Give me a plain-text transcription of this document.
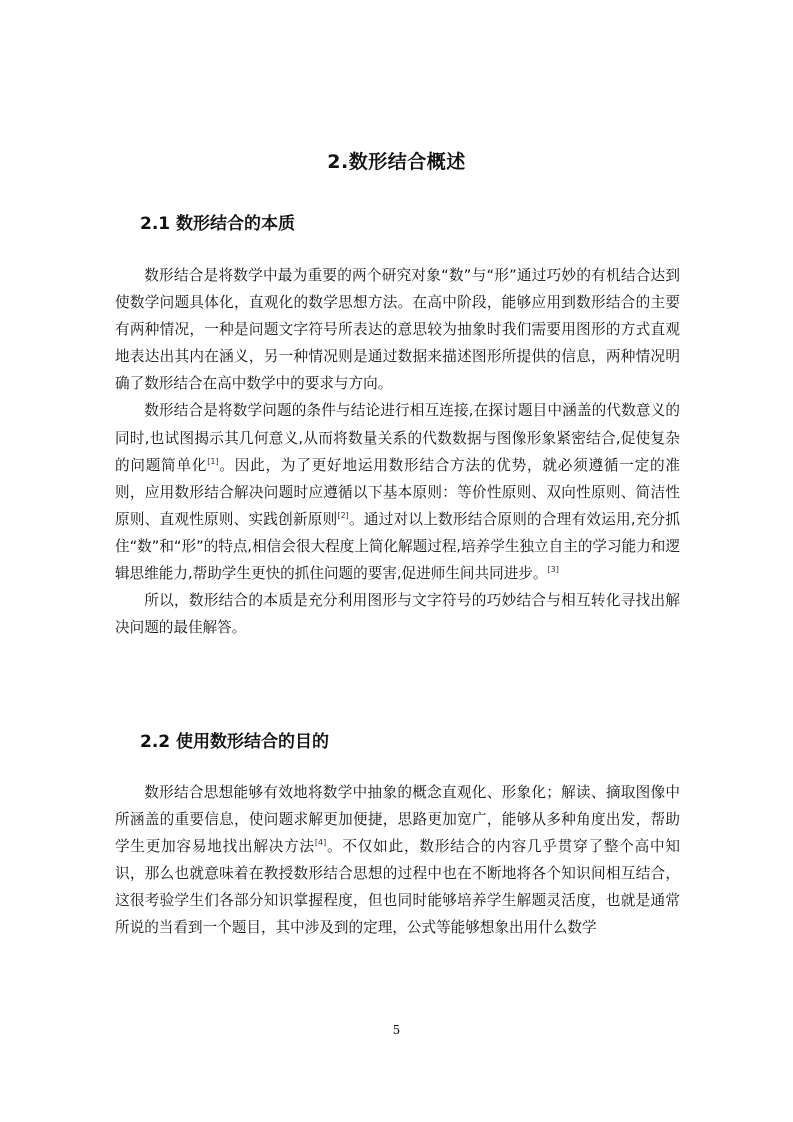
2.数形结合概述
2.1 数形结合的本质

数形结合是将数学中最为重要的两个研究对象“数”与“形”通过巧妙的有机结合达到使数学问题具体化，直观化的数学思想方法。在高中阶段，能够应用到数形结合的主要有两种情况，一种是问题文字符号所表达的意思较为抽象时我们需要用图形的方式直观地表达出其内在涵义，另一种情况则是通过数据来描述图形所提供的信息，两种情况明确了数形结合在高中数学中的要求与方向。

数形结合是将数学问题的条件与结论进行相互连接,在探讨题目中涵盖的代数意义的同时,也试图揭示其几何意义,从而将数量关系的代数数据与图像形象紧密结合,促使复杂的问题简单化[1]。因此，为了更好地运用数形结合方法的优势，就必须遵循一定的准则，应用数形结合解决问题时应遵循以下基本原则：等价性原则、双向性原则、简洁性原则、直观性原则、实践创新原则[2]。通过对以上数形结合原则的合理有效运用,充分抓住“数”和“形”的特点,相信会很大程度上简化解题过程,培养学生独立自主的学习能力和逻辑思维能力,帮助学生更快的抓住问题的要害,促进师生间共同进步。[3]

所以，数形结合的本质是充分利用图形与文字符号的巧妙结合与相互转化寻找出解决问题的最佳解答。

2.2 使用数形结合的目的

数形结合思想能够有效地将数学中抽象的概念直观化、形象化；解读、摘取图像中所涵盖的重要信息，使问题求解更加便捷，思路更加宽广，能够从多种角度出发，帮助学生更加容易地找出解决方法[4]。不仅如此，数形结合的内容几乎贯穿了整个高中知识，那么也就意味着在教授数形结合思想的过程中也在不断地将各个知识间相互结合，这很考验学生们各部分知识掌握程度，但也同时能够培养学生解题灵活度，也就是通常所说的当看到一个题目，其中涉及到的定理，公式等能够想象出用什么数学

5
